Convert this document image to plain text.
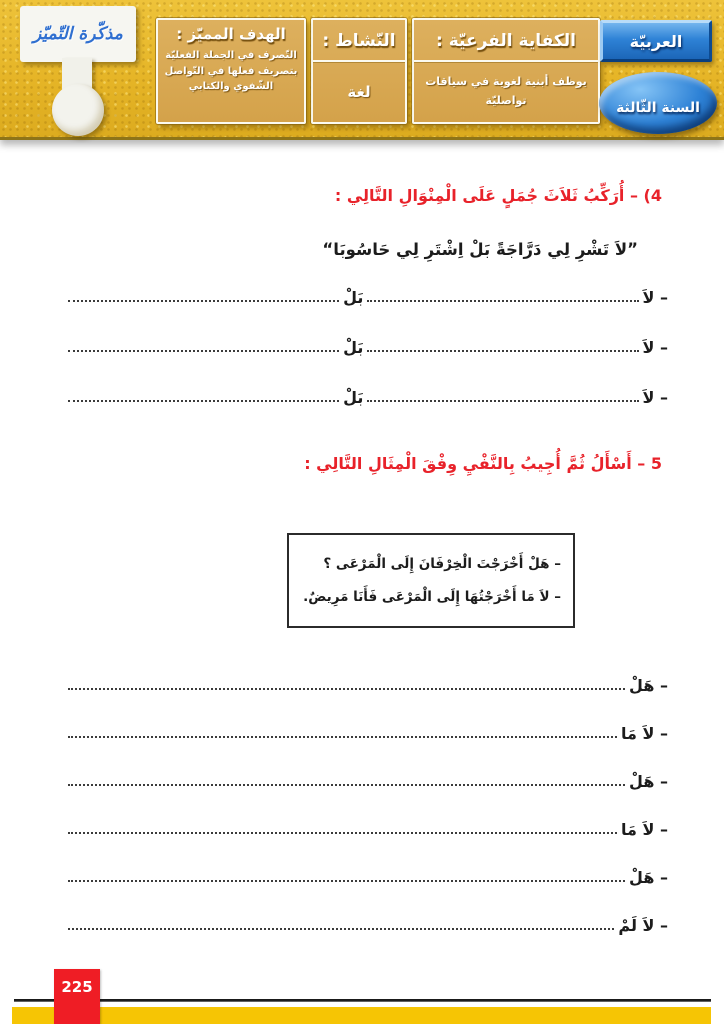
مذكّرة التّميّز	الكفاية الفرعيّة :
يوظف أبنية لغوية في سياقات تواصليّة
النّشاط :
لغة
الهدف المميّز :
التّصرف في الجملة الفعليّة بتصريف فعلها في التّواصل الشّفوي والكتابي
العربيّة
السنة الثّالثة
4) – أُرَكِّبُ ثَلاَثَ جُمَلٍ عَلَى الْمِنْوَالِ التَّالِي :
”لاَ تَشْرِ لِي دَرَّاجَةً بَلْ اِشْتَرِ لِي حَاسُوبَا“
– لاَ
بَلْ
– لاَ
بَلْ
– لاَ
بَلْ
5 – أَسْأَلُ ثُمَّ أُجِيبُ بِالنَّفْيِ وِفْقَ الْمِثَالِ التَّالِي :

– هَلْ أَخْرَجْتَ الْخِرْفَانَ إِلَى الْمَرْعَى ؟

– لاَ مَا أَخْرَجْتُهَا إِلَى الْمَرْعَى فَأَنَا مَرِيضٌ.

– هَلْ
– لاَ مَا
– هَلْ
– لاَ مَا
– هَلْ
– لاَ لَمْ
225
